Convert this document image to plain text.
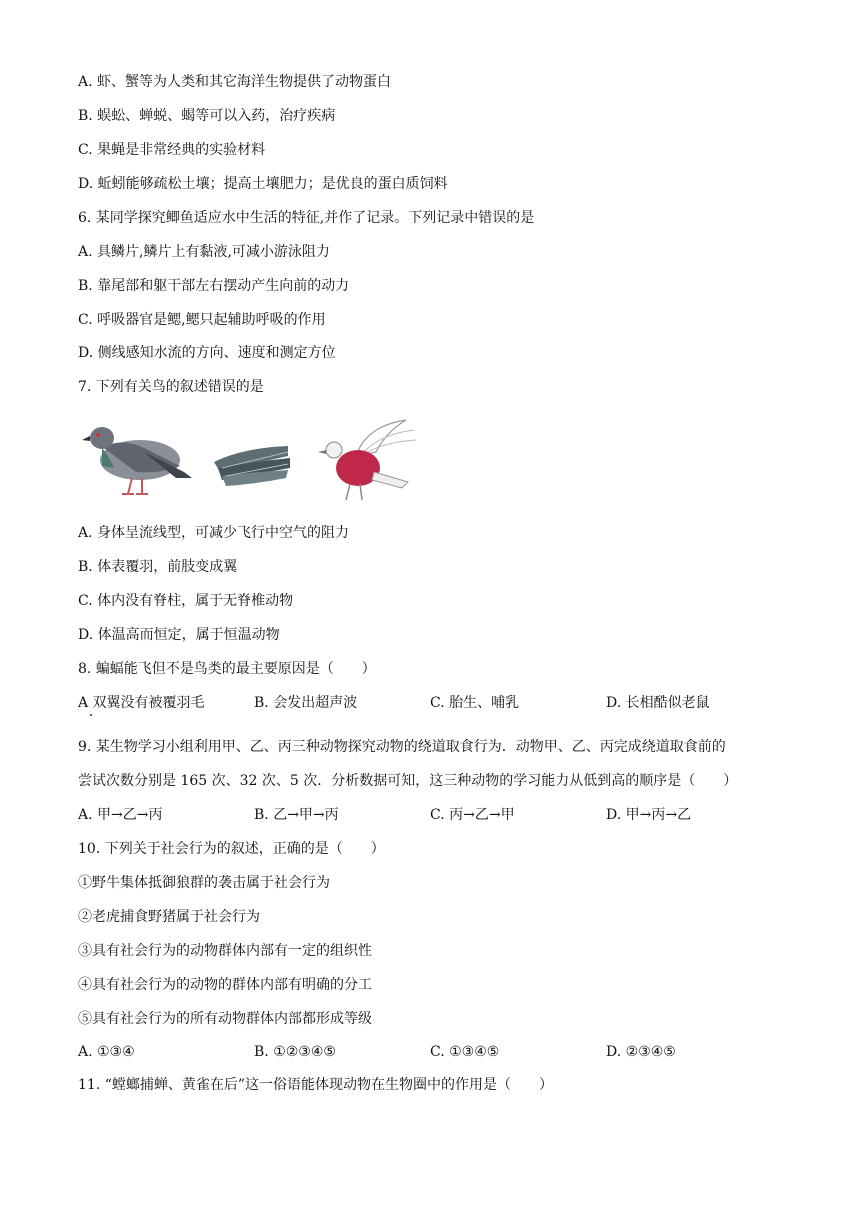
A. 虾、蟹等为人类和其它海洋生物提供了动物蛋白
B. 蜈蚣、蝉蜕、蝎等可以入药，治疗疾病
C. 果蝇是非常经典的实验材料
D. 蚯蚓能够疏松土壤；提高土壤肥力；是优良的蛋白质饲料
6. 某同学探究鲫鱼适应水中生活的特征,并作了记录。下列记录中错误的是
A. 具鳞片,鳞片上有黏液,可减小游泳阻力
B. 靠尾部和躯干部左右摆动产生向前的动力
C. 呼吸器官是鳃,鳃只起辅助呼吸的作用
D. 侧线感知水流的方向、速度和测定方位
7. 下列有关鸟的叙述错误的是
A. 身体呈流线型，可减少飞行中空气的阻力
B. 体表覆羽，前肢变成翼
C. 体内没有脊柱，属于无脊椎动物
D. 体温高而恒定，属于恒温动物
8. 蝙蝠能飞但不是鸟类的最主要原因是（　　）
A 双翼没有被覆羽毛	B. 会发出超声波	C. 胎生、哺乳	D. 长相酷似老鼠
9. 某生物学习小组利用甲、乙、丙三种动物探究动物的绕道取食行为．动物甲、乙、丙完成绕道取食前的
尝试次数分别是 165 次、32 次、5 次．分析数据可知，这三种动物的学习能力从低到高的顺序是（　　）
A. 甲→乙→丙	B. 乙→甲→丙	C. 丙→乙→甲	D. 甲→丙→乙
10. 下列关于社会行为的叙述，正确的是（　　）
①野牛集体抵御狼群的袭击属于社会行为
②老虎捕食野猪属于社会行为
③具有社会行为的动物群体内部有一定的组织性
④具有社会行为的动物的群体内部有明确的分工
⑤具有社会行为的所有动物群体内部都形成等级
A. ①③④	B. ①②③④⑤	C. ①③④⑤	D. ②③④⑤
11. “螳螂捕蝉、黄雀在后”这一俗语能体现动物在生物圈中的作用是（　　）
